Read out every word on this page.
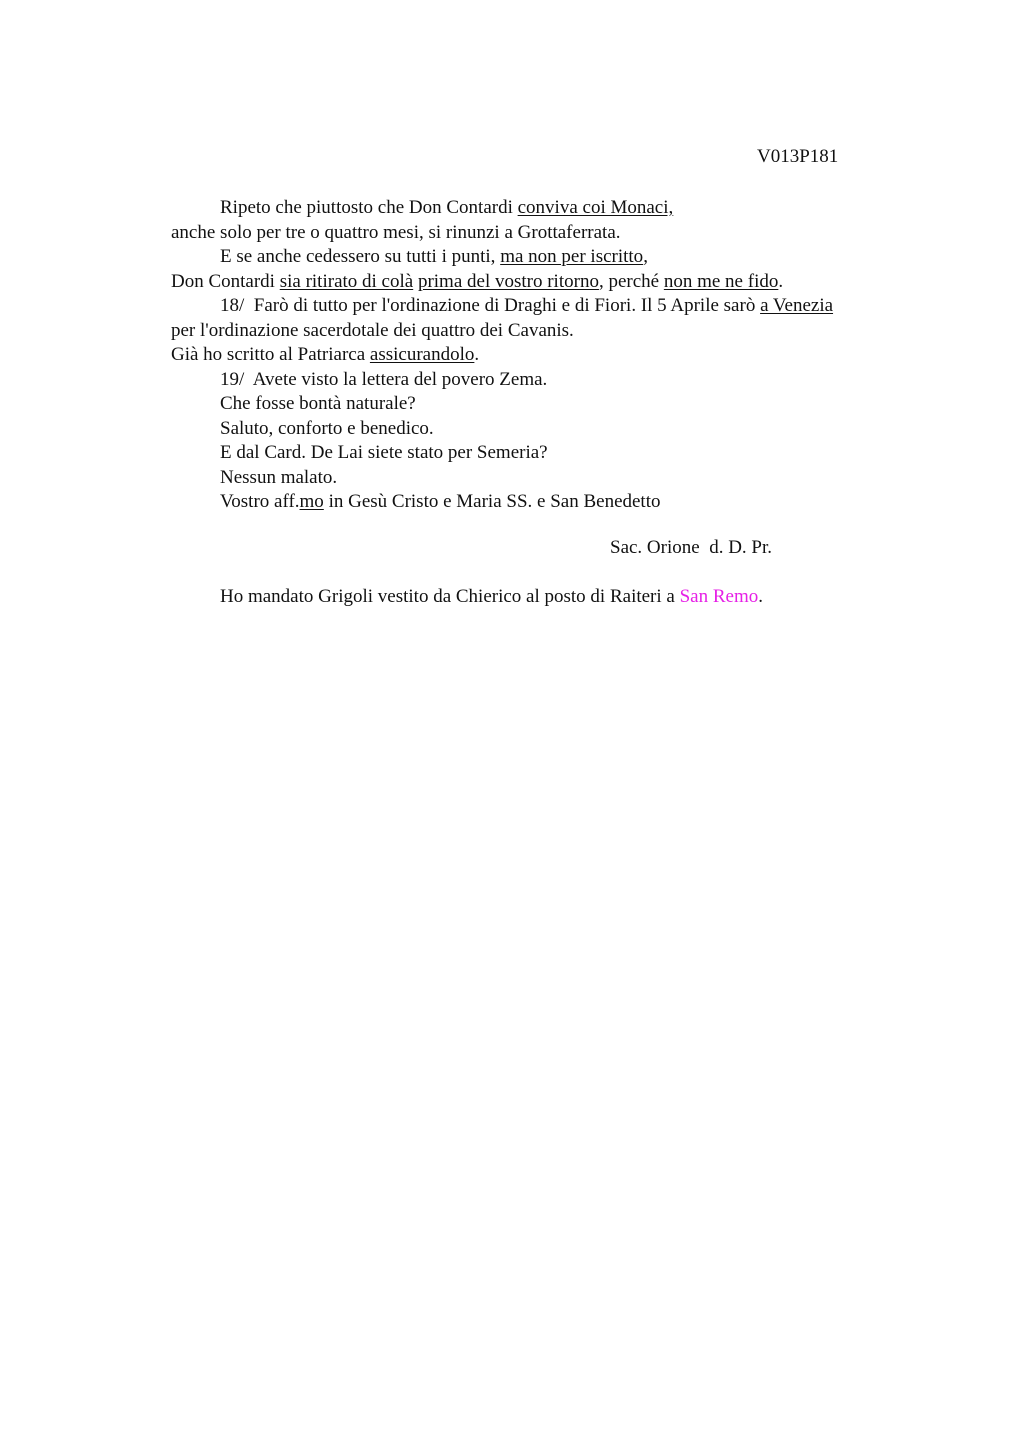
V013P181
Ripeto che piuttosto che Don Contardi conviva coi Monaci,
anche solo per tre o quattro mesi, si rinunzi a Grottaferrata.
E se anche cedessero su tutti i punti, ma non per iscritto,
Don Contardi sia ritirato di colà prima del vostro ritorno, perché non me ne fido.
18/  Farò di tutto per l'ordinazione di Draghi e di Fiori. Il 5 Aprile sarò a Venezia
per l'ordinazione sacerdotale dei quattro dei Cavanis.
Già ho scritto al Patriarca assicurandolo.
19/  Avete visto la lettera del povero Zema.
Che fosse bontà naturale?
Saluto, conforto e benedico.
E dal Card. De Lai siete stato per Semeria?
Nessun malato.
Vostro aff.mo in Gesù Cristo e Maria SS. e San Benedetto
Sac. Orione  d. D. Pr.
Ho mandato Grigoli vestito da Chierico al posto di Raiteri a San Remo.
